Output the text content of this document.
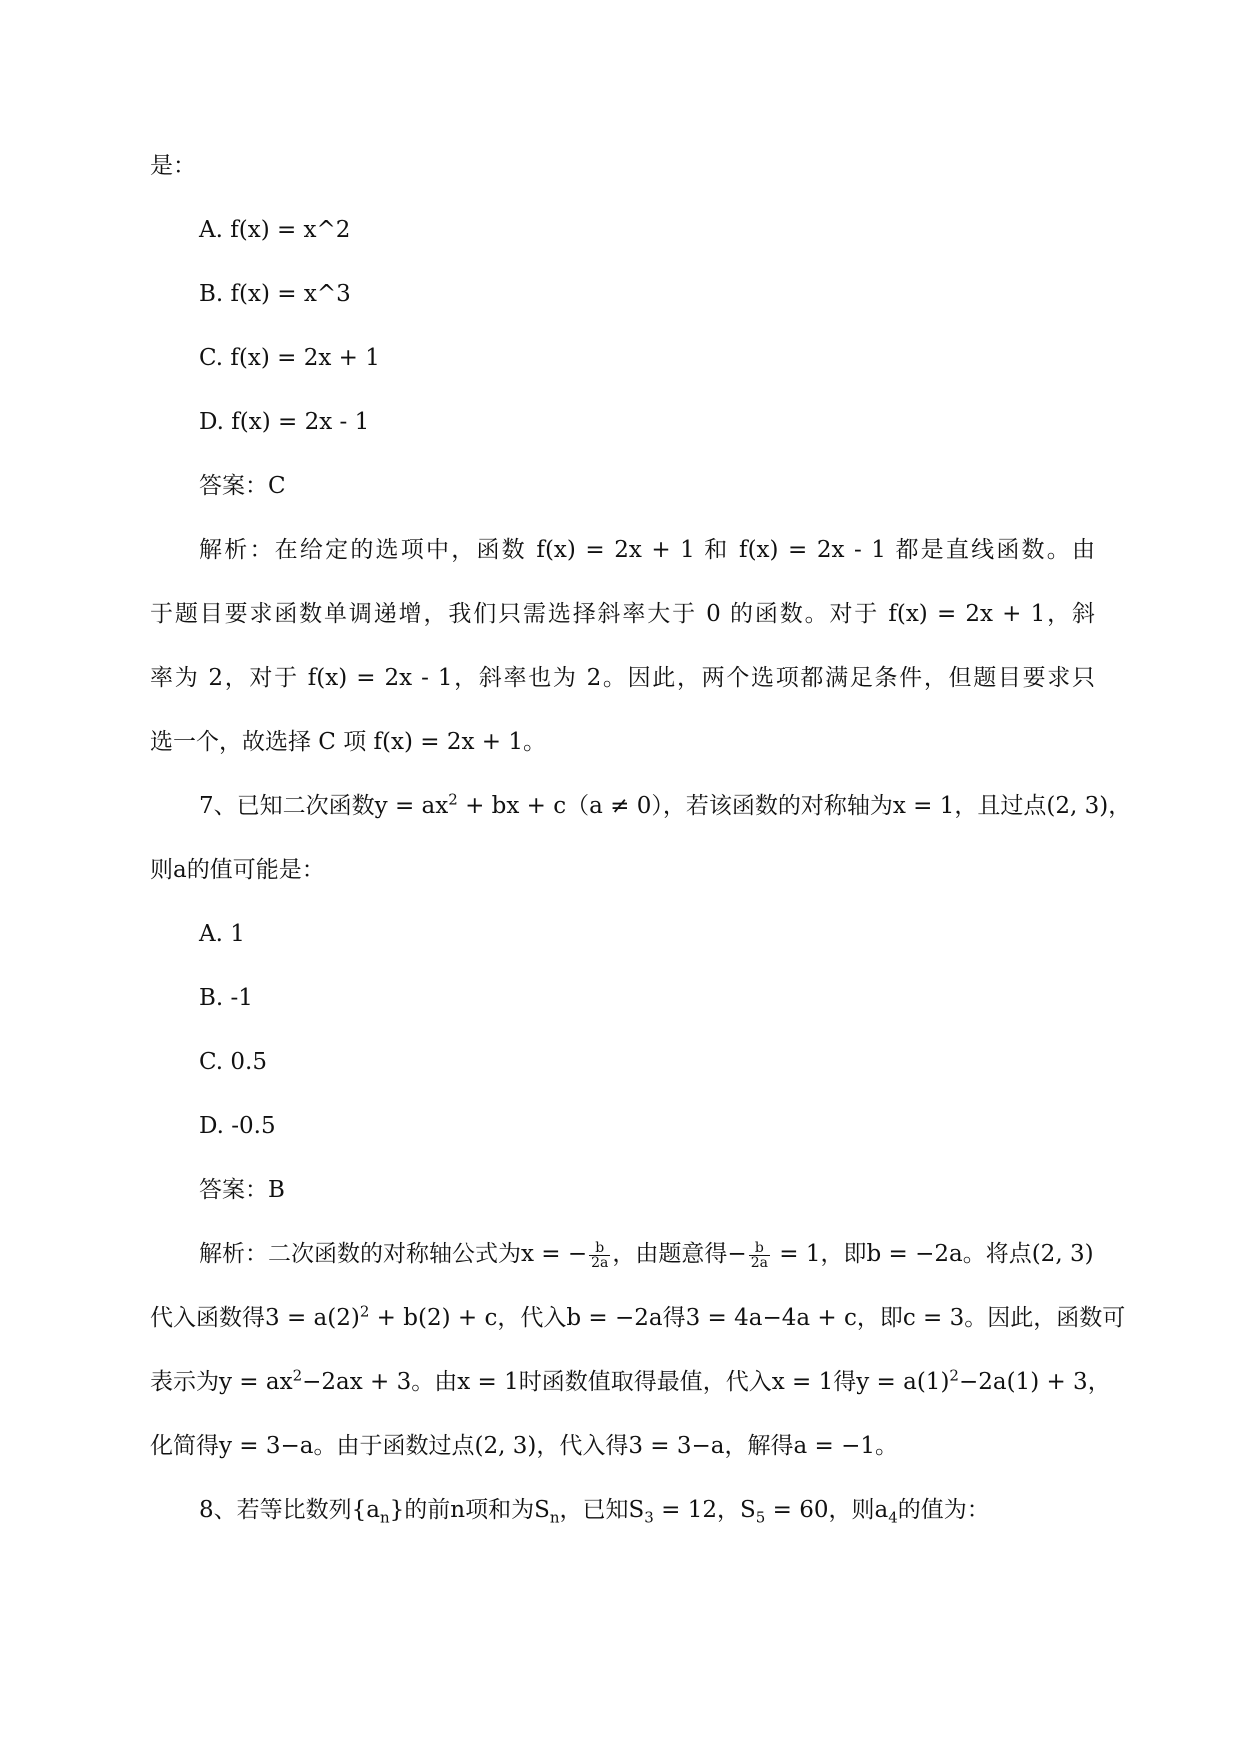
是：
A. f(x) = x^2
B. f(x) = x^3
C. f(x) = 2x + 1
D. f(x) = 2x - 1
答案：C
解析：在给定的选项中，函数 f(x) = 2x + 1 和 f(x) = 2x - 1 都是直线函数。由
于题目要求函数单调递增，我们只需选择斜率大于 0 的函数。对于 f(x) = 2x + 1，斜
率为 2，对于 f(x) = 2x - 1，斜率也为 2。因此，两个选项都满足条件，但题目要求只
选一个，故选择 C 项 f(x) = 2x + 1。
7、已知二次函数$y = ax^2$ + bx + c（a ≠ 0），若该函数的对称轴为x = 1，且过点(2, 3)，
则a的值可能是：
A. 1
B. -1
C. 0.5
D. -0.5
答案：B
解析：二次函数的对称轴公式为x = − $\frac{b}{2a}$ ，由题意得− $\frac{b}{2a} = 1$，即b = −2a。将点(2, 3)
代入函数得$3 = a(2)^2 + b(2) + c$，代入b = −2a得3 = 4a−4a + c，即c = 3。因此，函数可
表示为$y = ax^2-2ax + 3$。由x = 1时函数值取得最值，代入x = 1得$y = a(1)^2-2a(1) + 3$，
化简得y = 3−a。由于函数过点(2, 3)，代入得3 = 3−a，解得a = −1。
8、若等比数列$\{a_n\}$的前n项和为$S_n$，已知$S_3 = 12$，$S_5 = 60$，则$a_4$的值为：
